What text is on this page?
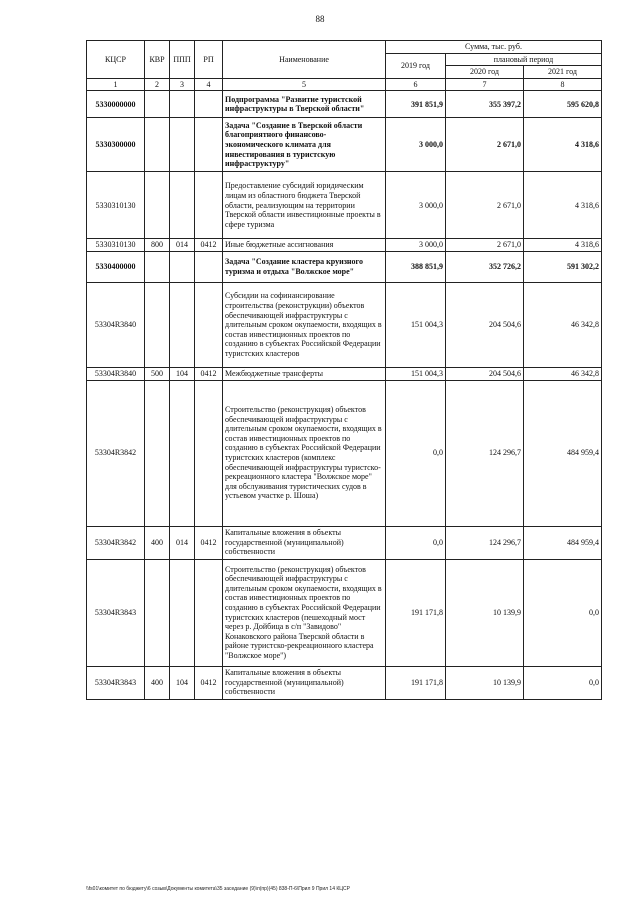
88
КЦСР	КВР	ППП	РП	Наименование	Сумма, тыс. руб.		
					2019 год	плановый период	
						2020 год	2021 год
1	2	3	4	5	6	7	8
5330000000				Подпрограмма "Развитие туристской инфраструктуры в Тверской области"	391 851,9	355 397,2	595 620,8
5330300000				Задача "Создание в Тверской области благоприятного финансово-экономического климата для инвестирования в туристскую инфраструктуру"	3 000,0	2 671,0	4 318,6
5330310130				Предоставление субсидий юридическим лицам из областного бюджета Тверской области, реализующим на территории Тверской области инвестиционные проекты в сфере туризма	3 000,0	2 671,0	4 318,6
5330310130	800	014	0412	Иные бюджетные ассигнования	3 000,0	2 671,0	4 318,6
5330400000				Задача "Создание кластера круизного туризма и отдыха "Волжское море"	388 851,9	352 726,2	591 302,2
53304R3840				Субсидии на софинансирование строительства (реконструкции) объектов обеспечивающей инфраструктуры с длительным сроком окупаемости, входящих в состав инвестиционных проектов по созданию в субъектах Российской Федерации туристских кластеров	151 004,3	204 504,6	46 342,8
53304R3840	500	104	0412	Межбюджетные трансферты	151 004,3	204 504,6	46 342,8
53304R3842				Строительство (реконструкция) объектов обеспечивающей инфраструктуры с длительным сроком окупаемости, входящих в состав инвестиционных проектов по созданию в субъектах Российской Федерации туристских кластеров (комплекс обеспечивающей инфраструктуры туристско-рекреационного кластера "Волжское море" для обслуживания туристических судов в устьевом участке р. Шоша)	0,0	124 296,7	484 959,4
53304R3842	400	014	0412	Капитальные вложения в объекты государственной (муниципальной) собственности	0,0	124 296,7	484 959,4
53304R3843				Строительство (реконструкция) объектов обеспечивающей инфраструктуры с длительным сроком окупаемости, входящих в состав инвестиционных проектов по созданию в субъектах Российской Федерации туристских кластеров (пешеходный мост через р. Дойбица в с/п "Завидово" Конаковского района Тверской области в районе туристско-рекреационного кластера "Волжское море")	191 171,8	10 139,9	0,0
53304R3843	400	104	0412	Капитальные вложения в объекты государственной (муниципальной) собственности	191 171,8	10 139,9	0,0
\\fs01\комитет по бюджету\6 созыв\Документы комитета\35 заседание (9)\п(пр)(45) 838-П-6\Прил 9 Прил 14 КЦСР
